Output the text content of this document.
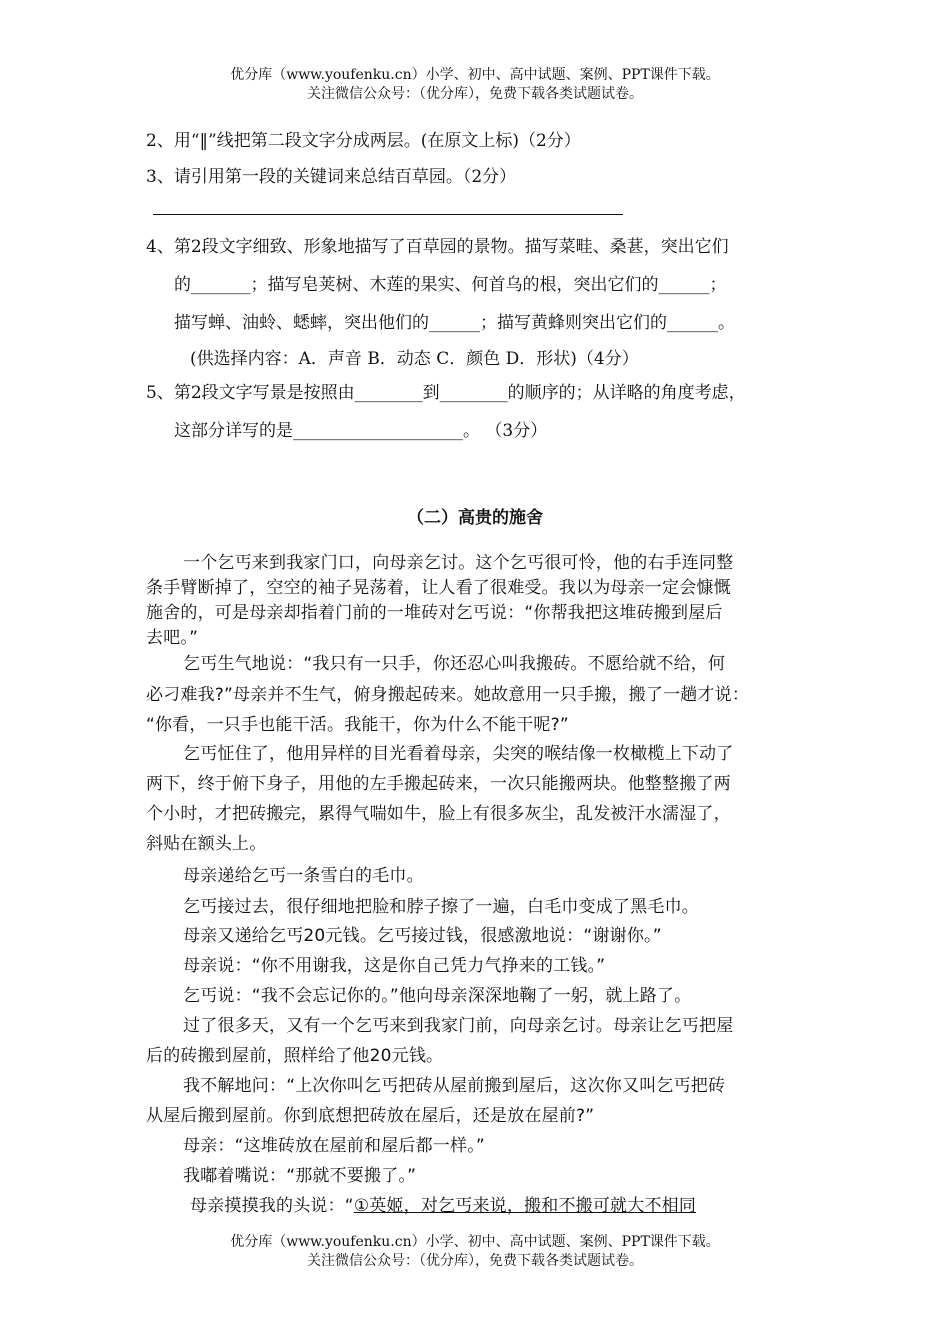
优分库（www.youfenku.cn）小学、初中、高中试题、案例、PPT课件下载。
关注微信公众号：（优分库），免费下载各类试题试卷。
2、用“‖”线把第二段文字分成两层。(在原文上标)（2分）
3、请引用第一段的关键词来总结百草园。（2分）
4、第2段文字细致、形象地描写了百草园的景物。描写菜畦、桑葚，突出它们
的_______；描写皂荚树、木莲的果实、何首乌的根，突出它们的______；
描写蝉、油蛉、蟋蟀，突出他们的______；描写黄蜂则突出它们的______。
(供选择内容：A．声音 B．动态 C．颜色 D．形状)（4分）
5、第2段文字写景是按照由________到________的顺序的；从详略的角度考虑，
这部分详写的是____________________。 （3分）
（二）高贵的施舍
一个乞丐来到我家门口，向母亲乞讨。这个乞丐很可怜，他的右手连同整
条手臂断掉了，空空的袖子晃荡着，让人看了很难受。我以为母亲一定会慷慨
施舍的，可是母亲却指着门前的一堆砖对乞丐说：“你帮我把这堆砖搬到屋后
去吧。”
乞丐生气地说：“我只有一只手，你还忍心叫我搬砖。不愿给就不给，何
必刁难我?”母亲并不生气，俯身搬起砖来。她故意用一只手搬，搬了一趟才说：
“你看，一只手也能干活。我能干，你为什么不能干呢?”
乞丐怔住了，他用异样的目光看着母亲，尖突的喉结像一枚橄榄上下动了
两下，终于俯下身子，用他的左手搬起砖来，一次只能搬两块。他整整搬了两
个小时，才把砖搬完，累得气喘如牛，脸上有很多灰尘，乱发被汗水濡湿了，
斜贴在额头上。
母亲递给乞丐一条雪白的毛巾。
乞丐接过去，很仔细地把脸和脖子擦了一遍，白毛巾变成了黑毛巾。
母亲又递给乞丐20元钱。乞丐接过钱，很感激地说：“谢谢你。”
母亲说：“你不用谢我，这是你自己凭力气挣来的工钱。”
乞丐说：“我不会忘记你的。”他向母亲深深地鞠了一躬，就上路了。
过了很多天，又有一个乞丐来到我家门前，向母亲乞讨。母亲让乞丐把屋
后的砖搬到屋前，照样给了他20元钱。
我不解地问：“上次你叫乞丐把砖从屋前搬到屋后，这次你又叫乞丐把砖
从屋后搬到屋前。你到底想把砖放在屋后，还是放在屋前?”
母亲：“这堆砖放在屋前和屋后都一样。”
我嘟着嘴说：“那就不要搬了。”
母亲摸摸我的头说：“①英姬，对乞丐来说，搬和不搬可就大不相同
优分库（www.youfenku.cn）小学、初中、高中试题、案例、PPT课件下载。
关注微信公众号：（优分库），免费下载各类试题试卷。
